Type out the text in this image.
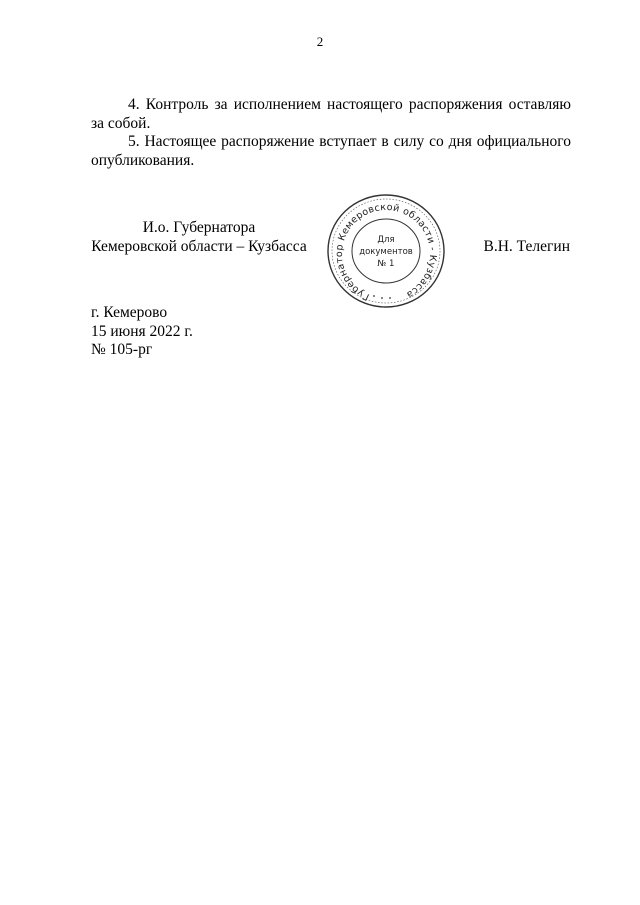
2

4. Контроль за исполнением настоящего распоряжения оставляю за собой.

5. Настоящее распоряжение вступает в силу со дня официального опубликования.

И.о. Губернатора
Кемеровской области – Кузбасса
Губернатор Кемеровской области - Кузбасса
Для
документов
№ 1
В.Н. Телегин
г. Кемерово
15 июня 2022 г.
№ 105-рг
